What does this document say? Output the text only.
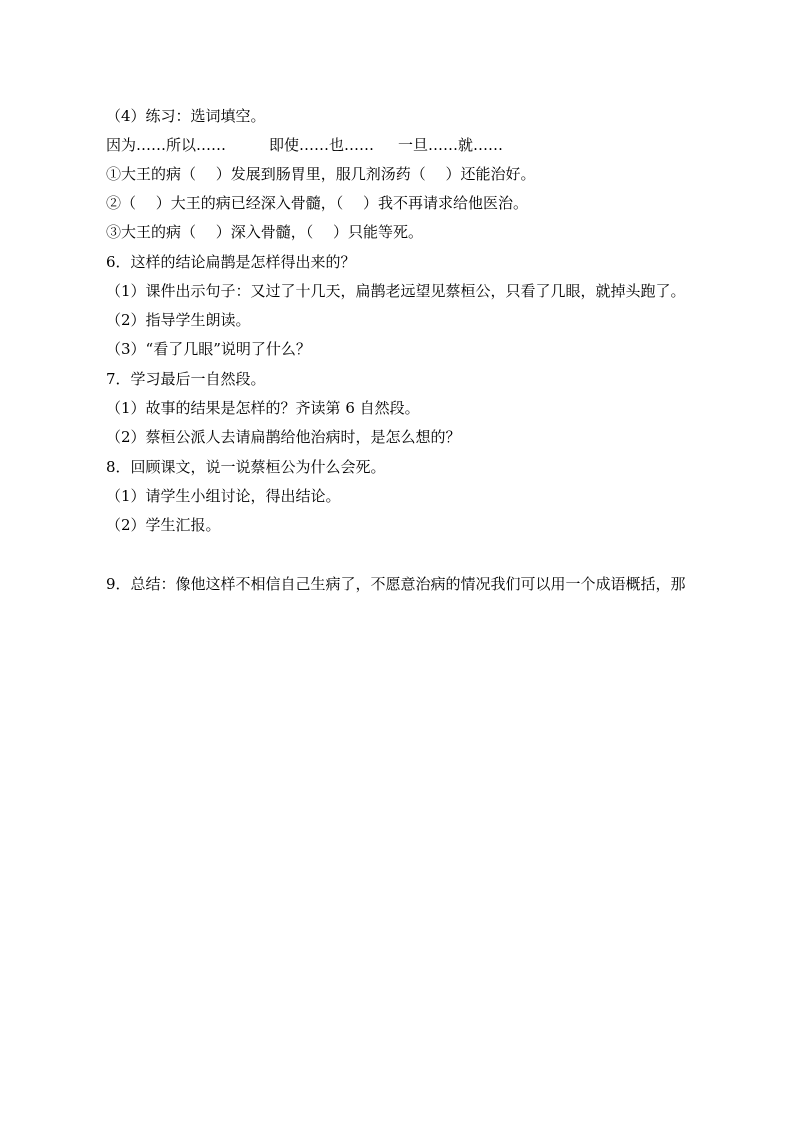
（4）练习：选词填空。
因为……所以……	即使……也…… 一旦……就……
①大王的病（　 ）发展到肠胃里，服几剂汤药（　 ）还能治好。
②（　 ）大王的病已经深入骨髓，（　 ）我不再请求给他医治。
③大王的病（　 ）深入骨髓，（　 ）只能等死。
6．这样的结论扁鹊是怎样得出来的？
（1）课件出示句子：又过了十几天，扁鹊老远望见蔡桓公，只看了几眼，就掉头跑了。
（2）指导学生朗读。
（3）“看了几眼”说明了什么？
7．学习最后一自然段。
（1）故事的结果是怎样的？齐读第 6 自然段。
（2）蔡桓公派人去请扁鹊给他治病时，是怎么想的？
8．回顾课文，说一说蔡桓公为什么会死。
（1）请学生小组讨论，得出结论。
（2）学生汇报。
9．总结：像他这样不相信自己生病了，不愿意治病的情况我们可以用一个成语概括，那
